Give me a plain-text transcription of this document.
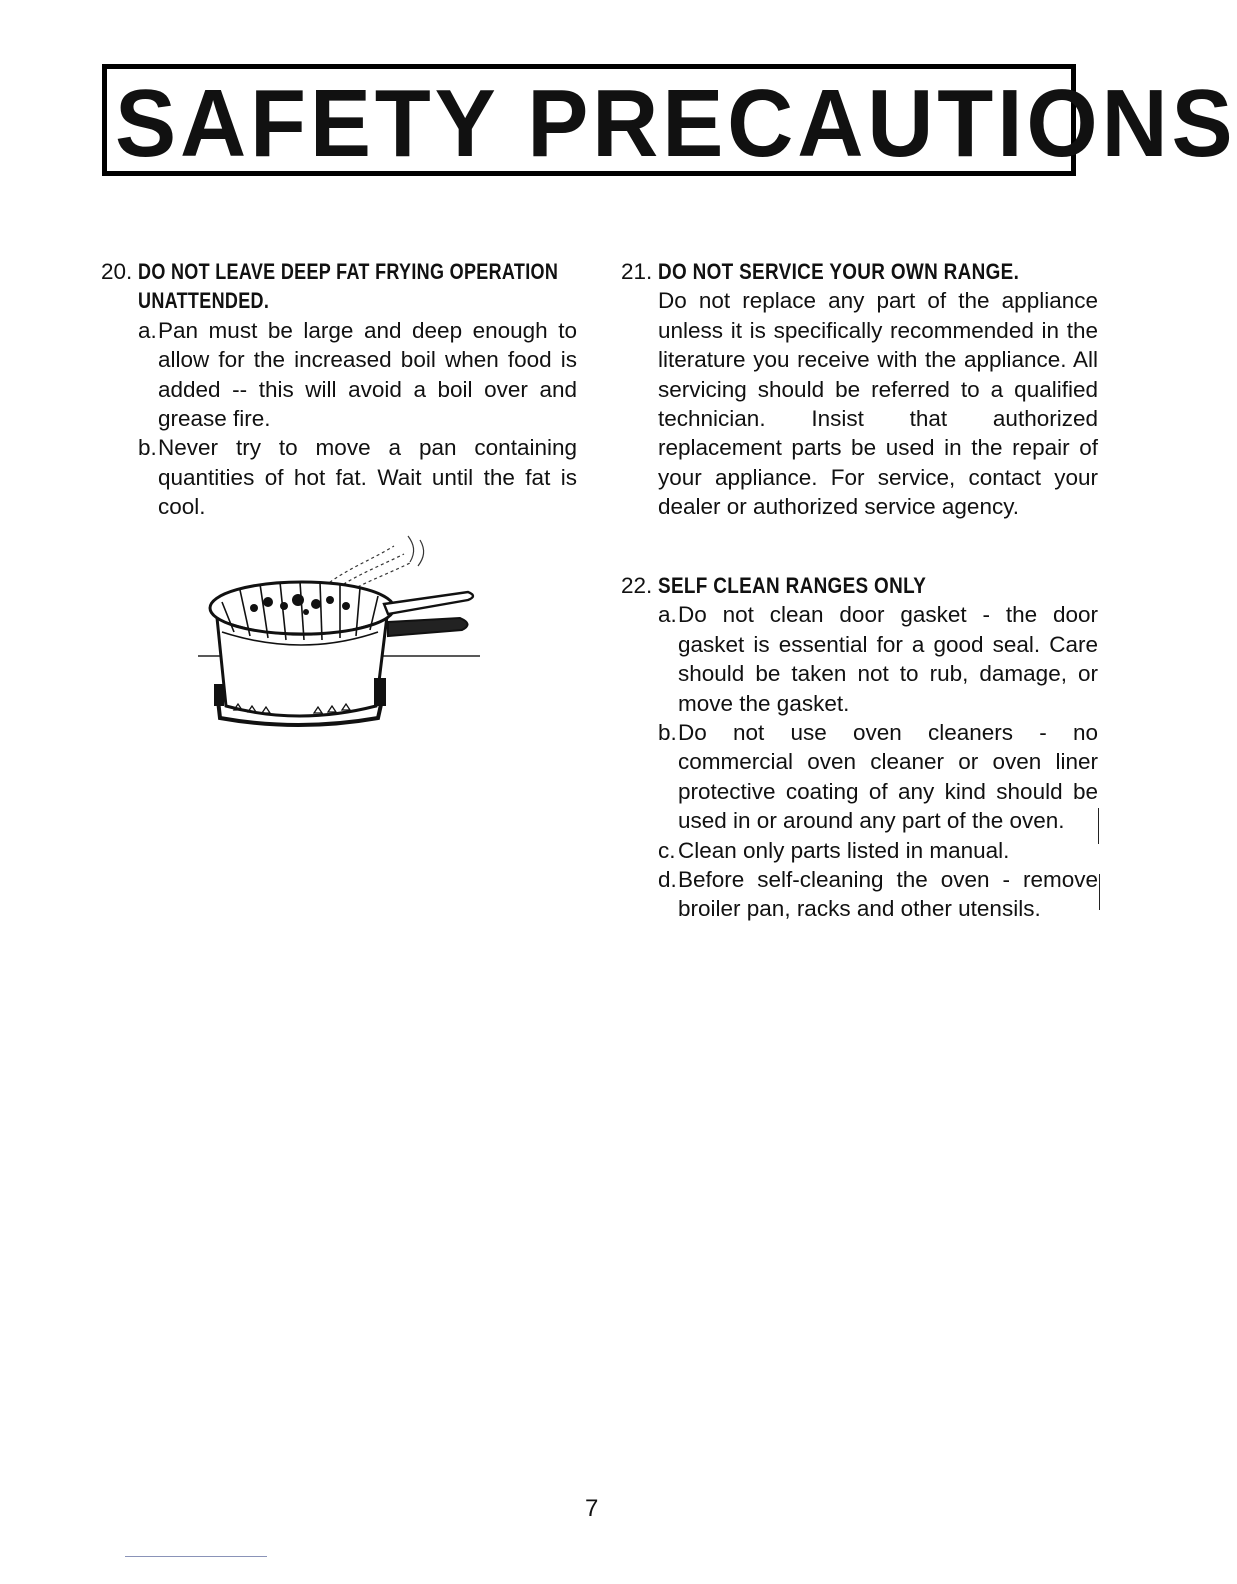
SAFETY PRECAUTIONS
20. DO NOT LEAVE DEEP FAT FRYING OPERATION
UNATTENDED.
a. Pan must be large and deep enough to allow for the increased boil when food is added -- this will avoid a boil over and grease fire.
b. Never try to move a pan containing quantities of hot fat. Wait until the fat is cool.
21. DO NOT SERVICE YOUR OWN RANGE.
Do not replace any part of the appliance unless it is specifically recommended in the literature you receive with the appliance. All servicing should be referred to a qualified technician. Insist that authorized replacement parts be used in the repair of your appliance. For service, contact your dealer or authorized service agency.
22. SELF CLEAN RANGES ONLY
a. Do not clean door gasket - the door gasket is essential for a good seal. Care should be taken not to rub, damage, or move the gasket.
b. Do not use oven cleaners - no commercial oven cleaner or oven liner protective coating of any kind should be used in or around any part of the oven.
c. Clean only parts listed in manual.
d. Before self-cleaning the oven - remove broiler pan, racks and other utensils.
7
